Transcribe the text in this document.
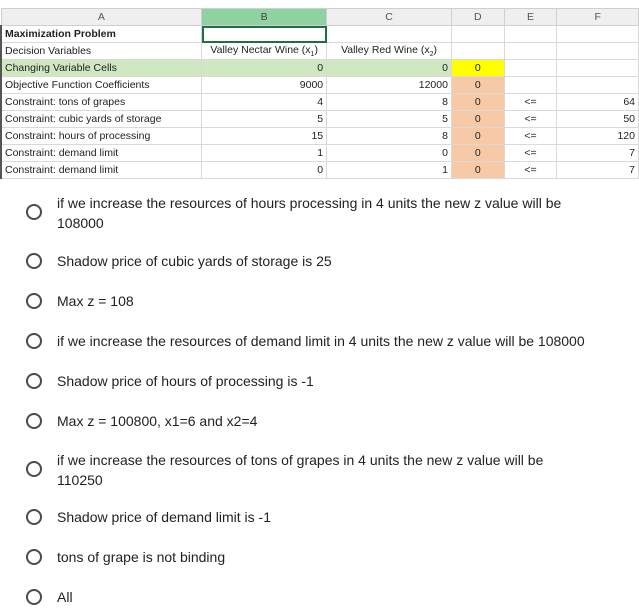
A	B	C	D	E	F
Maximization Problem					
Decision Variables	Valley Nectar Wine $(x_1)$	Valley Red Wine $(x_2)$			
Changing Variable Cells	0	0	0		
Objective Function Coefficients	9000	12000	0		
Constraint: tons of grapes	4	8	0	<=	64
Constraint: cubic yards of storage	5	5	0	<=	50
Constraint: hours of processing	15	8	0	<=	120
Constraint: demand limit	1	0	0	<=	7
Constraint: demand limit	0	1	0	<=	7
if we increase the resources of hours processing in 4 units the new z value will be 108000
Shadow price of cubic yards of storage is 25
Max z = 108
if we increase the resources of demand limit in 4 units the new z value will be 108000
Shadow price of hours of processing is -1
Max z = 100800, x1=6 and x2=4
if we increase the resources of tons of grapes in 4 units the new z value will be 110250
Shadow price of demand limit is -1
tons of grape is not binding
All
